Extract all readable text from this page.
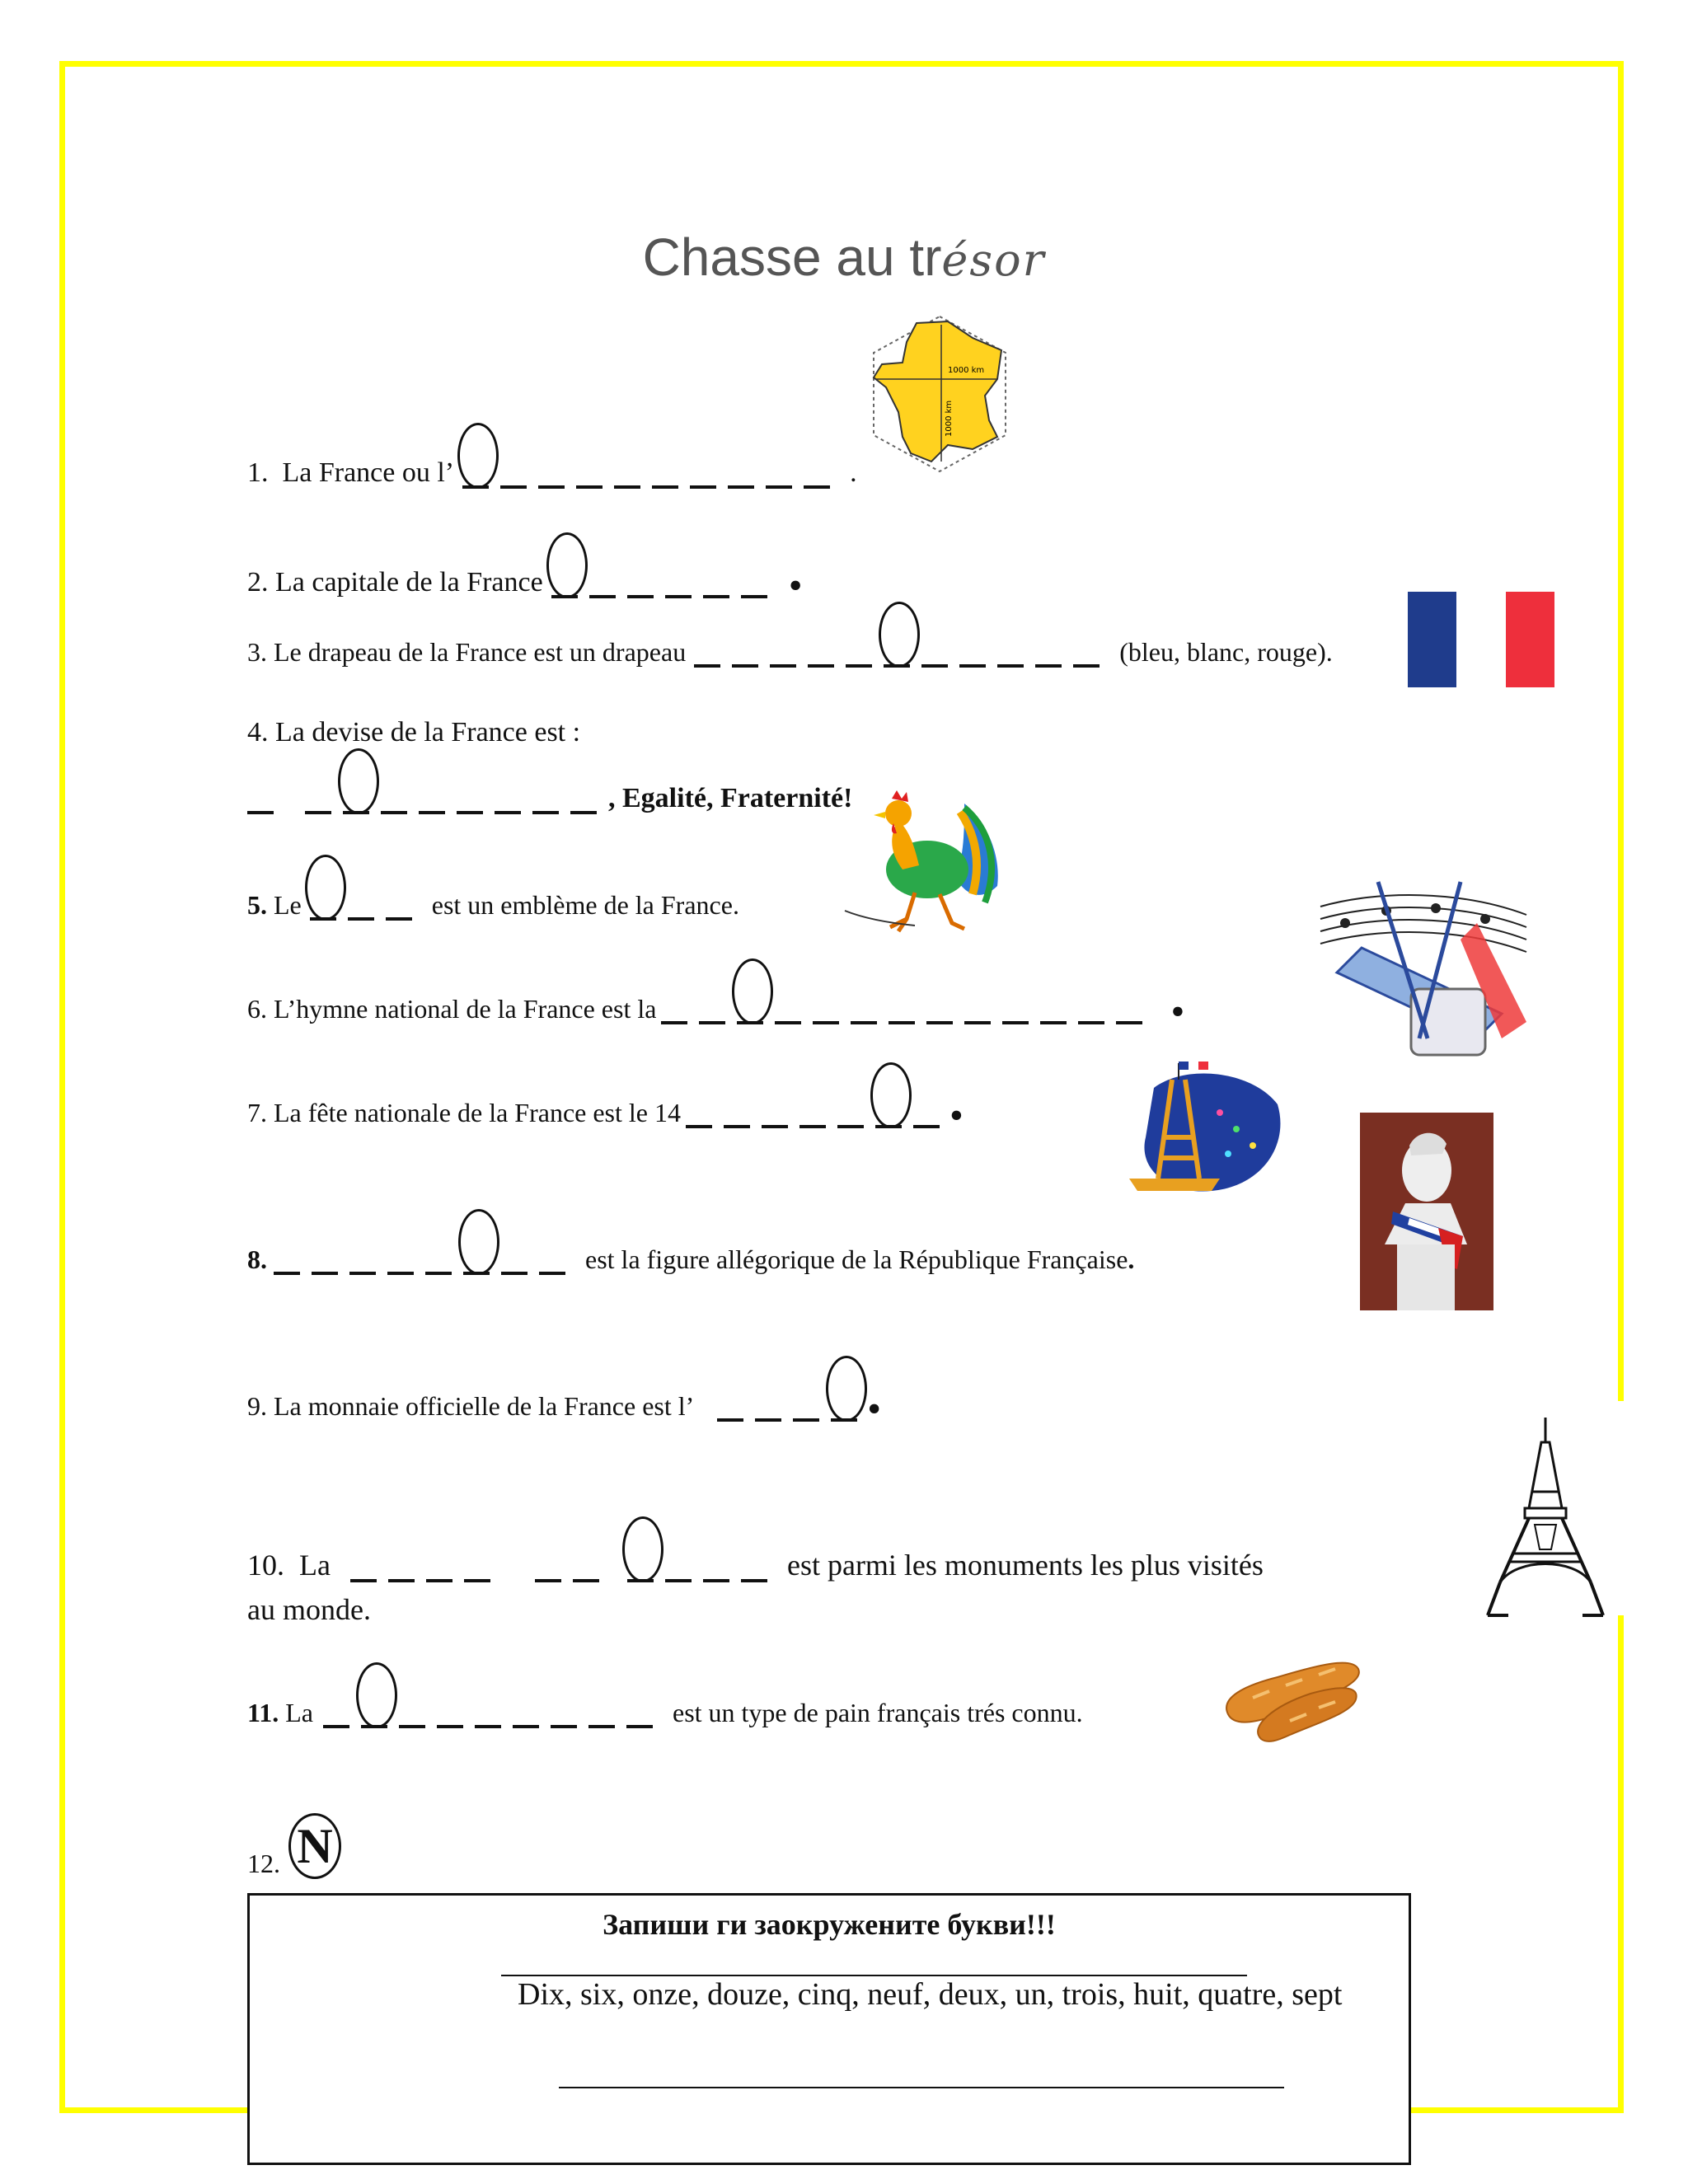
Chasse au trésor
1000 km
1000 km
1.
La France ou l’	.
2.
La capitale de la France	•
3.
Le drapeau de la France est un drapeau	(bleu, blanc, rouge).
4.
La devise de la France est :
, Egalité, Fraternité!
5.
Le	est un emblème de la France.
6.
L’hymne national de la France est la	•
7.
La fête nationale de la France est le 14	•
8.	est la figure allégorique de la République Française .
9.
La monnaie officielle de la France est l’	•
10.
La	est parmi les monuments les plus visités
au monde.
11.
La	est un type de pain français trés connu.
12. N
Запиши ги заокружените букви!!!
Dix, six, onze, douze, cinq, neuf, deux, un, trois, huit, quatre, sept
